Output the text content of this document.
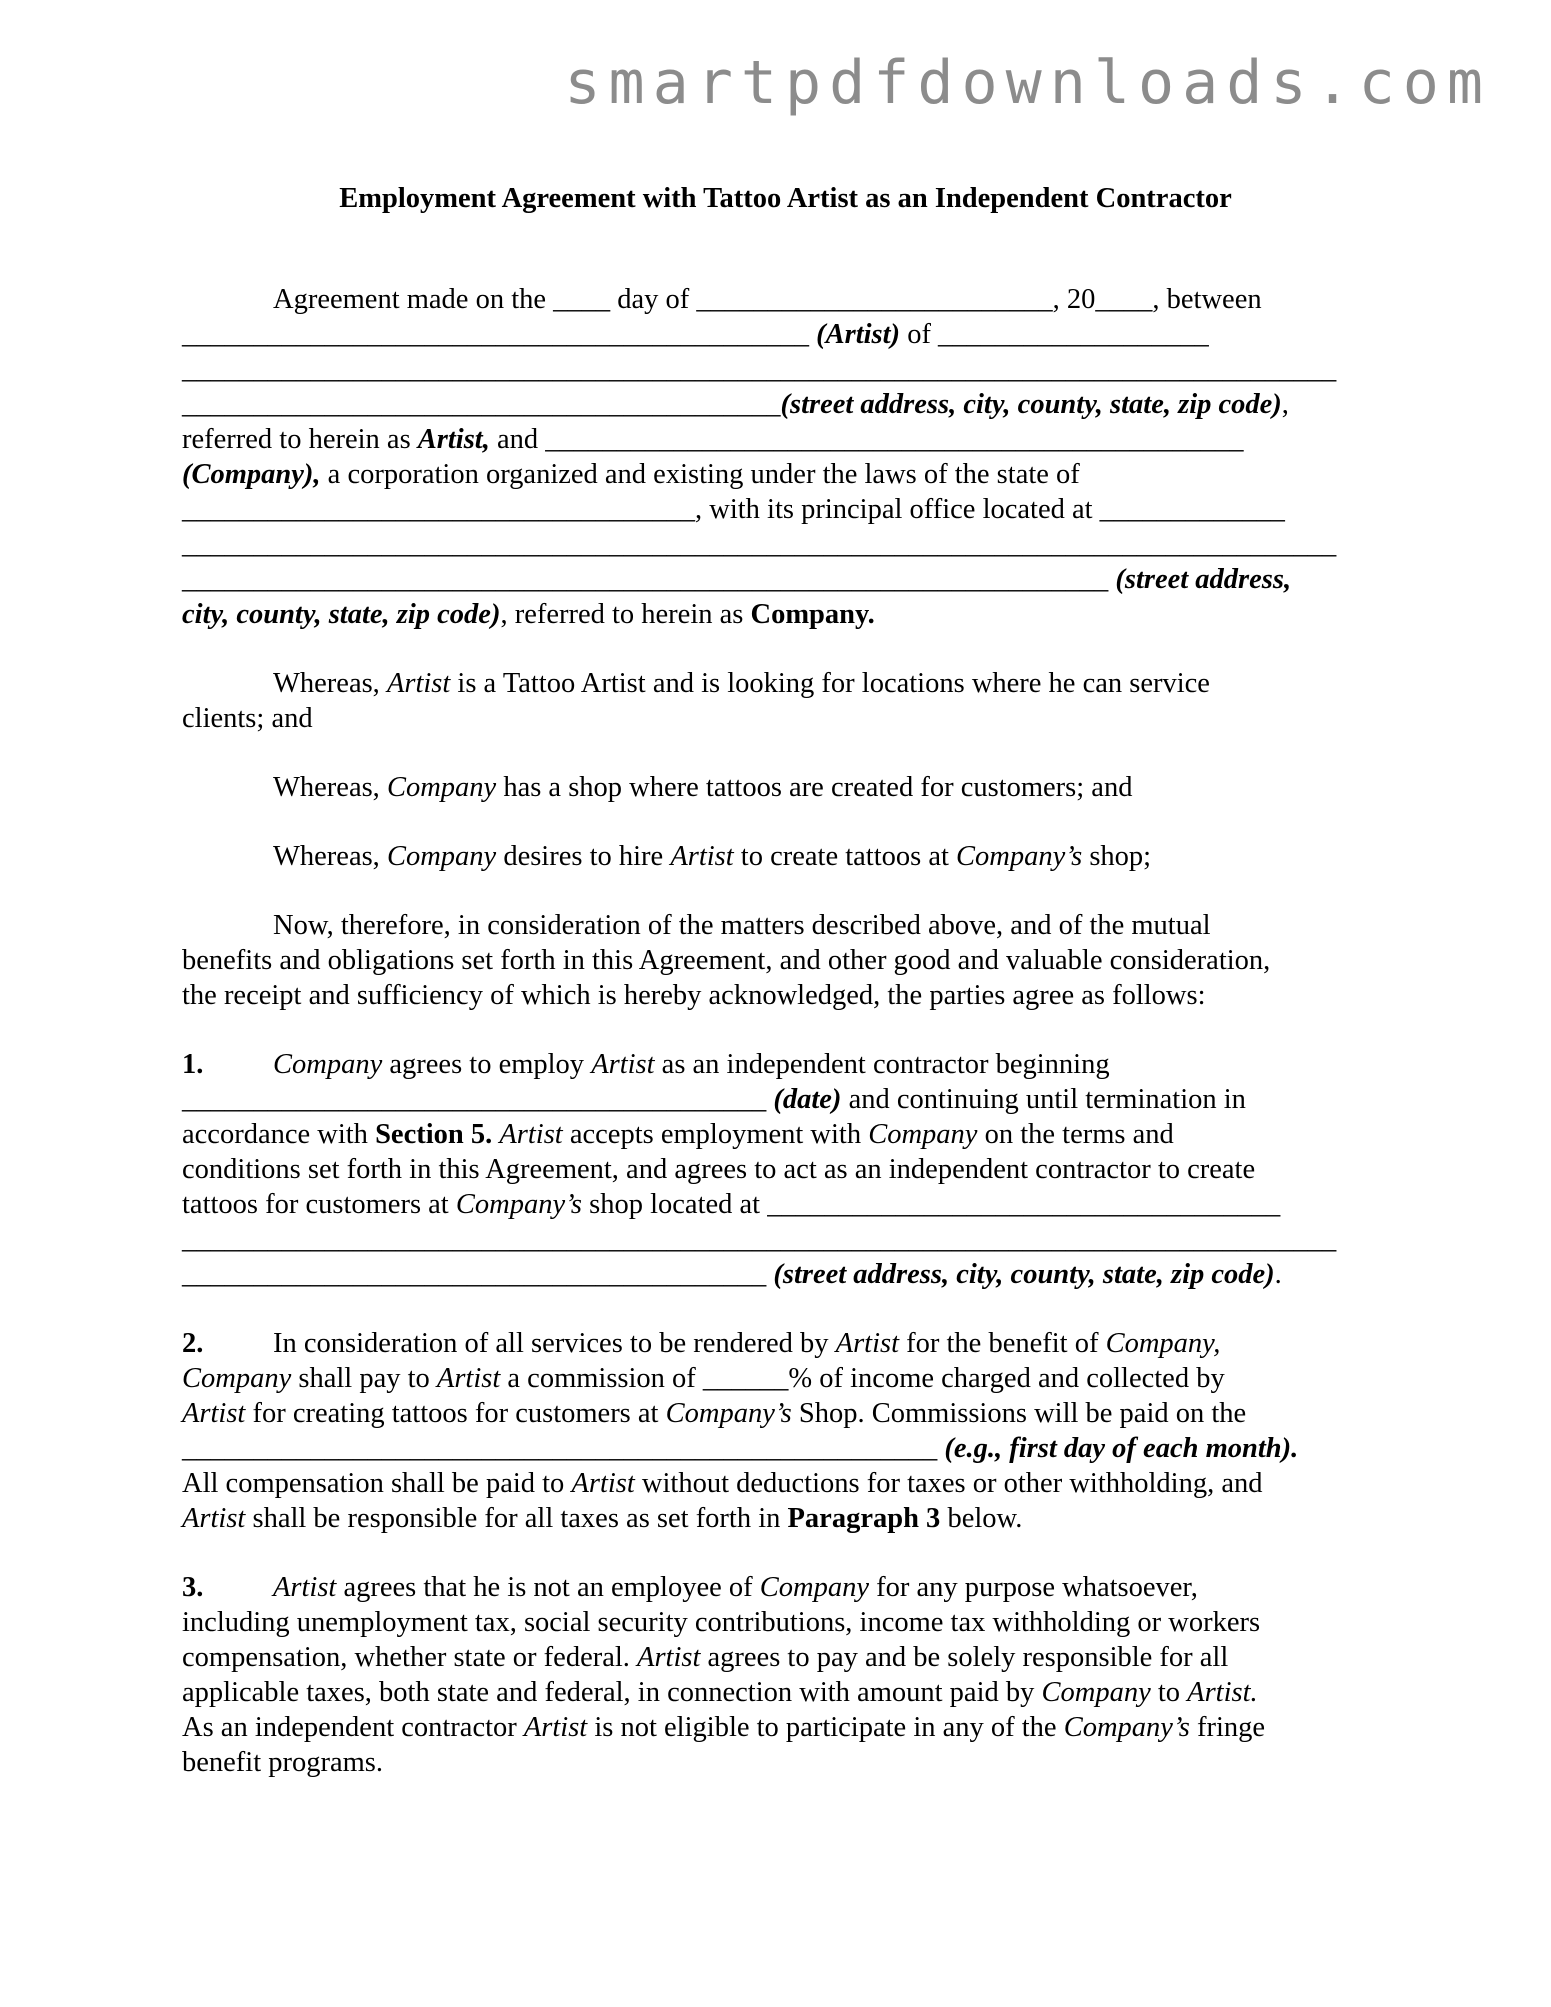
smartpdfdownloads.com
Employment Agreement with Tattoo Artist as an Independent Contractor
Agreement made on the ____ day of _________________________, 20____, between
____________________________________________ (Artist) of ___________________
_________________________________________________________________________________
__________________________________________(street address, city, county, state, zip code),
referred to herein as Artist, and _________________________________________________
(Company), a corporation organized and existing under the laws of the state of
____________________________________, with its principal office located at _____________
_________________________________________________________________________________
_________________________________________________________________ (street address,
city, county, state, zip code), referred to herein as Company.
Whereas, Artist is a Tattoo Artist and is looking for locations where he can service
clients; and
Whereas, Company has a shop where tattoos are created for customers; and
Whereas, Company desires to hire Artist to create tattoos at Company’s shop;
Now, therefore, in consideration of the matters described above, and of the mutual
benefits and obligations set forth in this Agreement, and other good and valuable consideration,
the receipt and sufficiency of which is hereby acknowledged, the parties agree as follows:
1. Company agrees to employ Artist as an independent contractor beginning
_________________________________________ (date) and continuing until termination in
accordance with Section 5. Artist accepts employment with Company on the terms and
conditions set forth in this Agreement, and agrees to act as an independent contractor to create
tattoos for customers at Company’s shop located at ____________________________________
_________________________________________________________________________________
_________________________________________ (street address, city, county, state, zip code).
2. In consideration of all services to be rendered by Artist for the benefit of Company,
Company shall pay to Artist a commission of ______% of income charged and collected by
Artist for creating tattoos for customers at Company’s Shop. Commissions will be paid on the
_____________________________________________________ (e.g., first day of each month).
All compensation shall be paid to Artist without deductions for taxes or other withholding, and
Artist shall be responsible for all taxes as set forth in Paragraph 3 below.
3. Artist agrees that he is not an employee of Company for any purpose whatsoever,
including unemployment tax, social security contributions, income tax withholding or workers
compensation, whether state or federal. Artist agrees to pay and be solely responsible for all
applicable taxes, both state and federal, in connection with amount paid by Company to Artist.
As an independent contractor Artist is not eligible to participate in any of the Company’s fringe
benefit programs.
